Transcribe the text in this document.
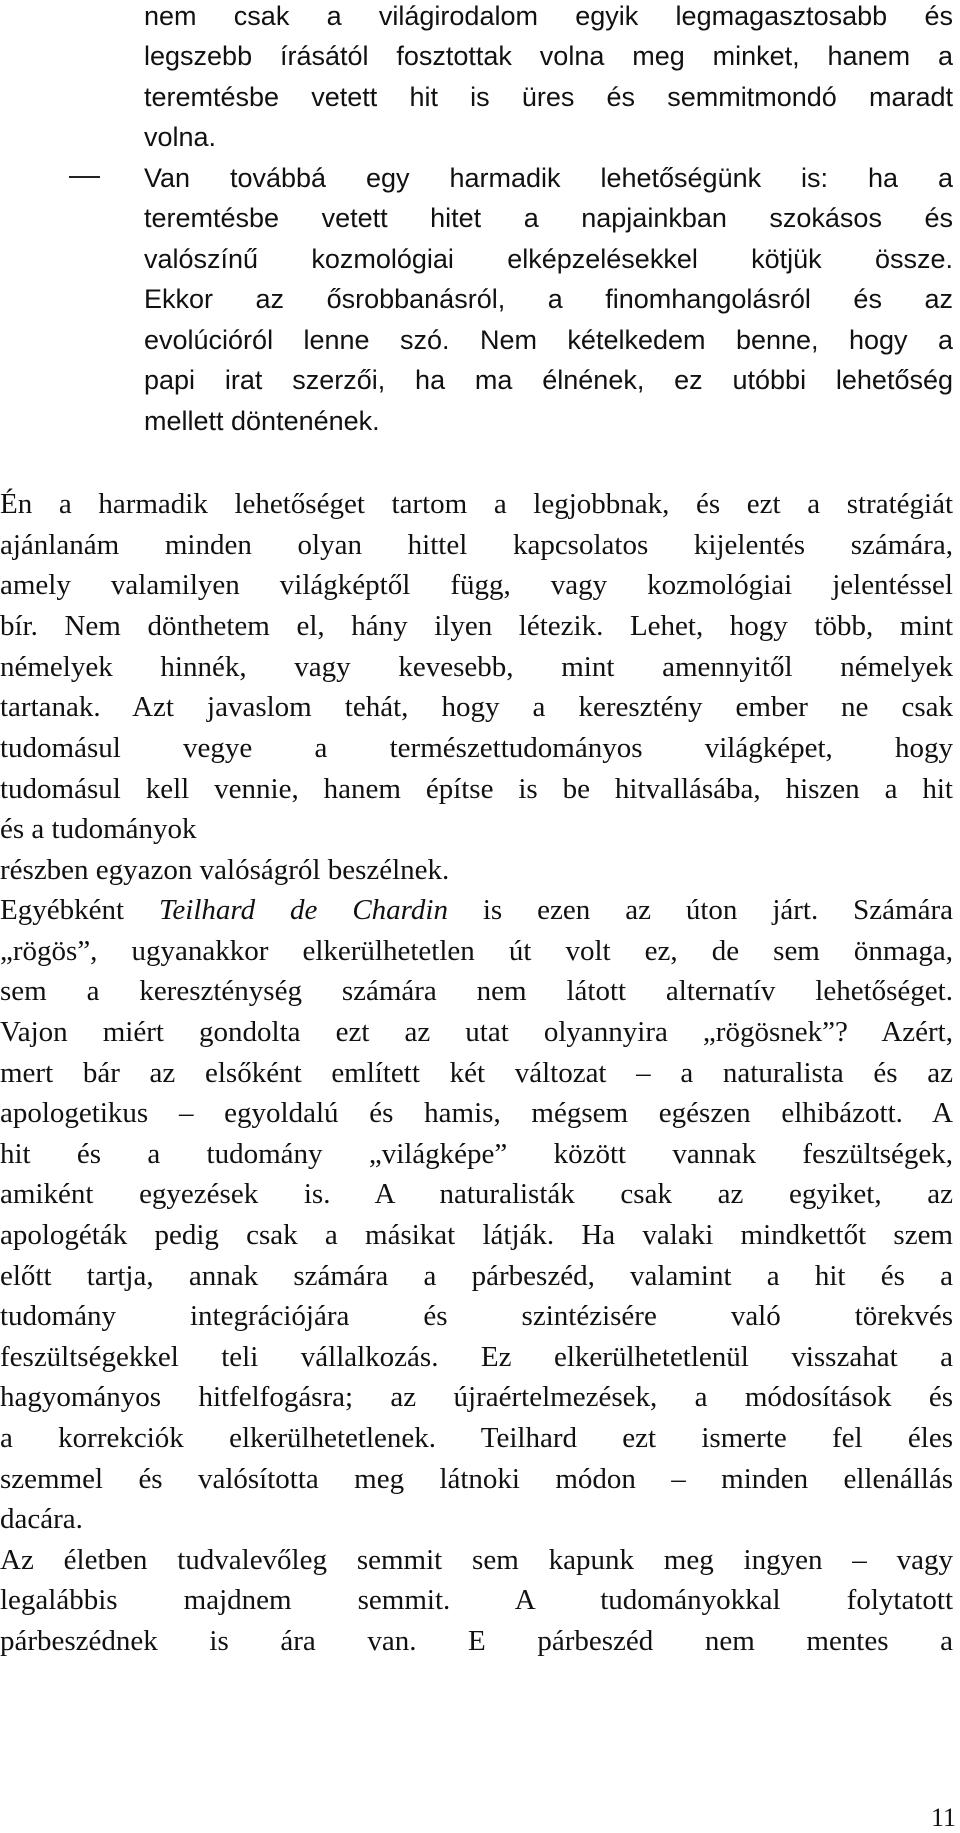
nem csak a világirodalom egyik legmagasztosabb és
legszebb írásától fosztottak volna meg minket, hanem a
teremtésbe vetett hit is üres és semmitmondó maradt
volna.
Van továbbá egy harmadik lehetőségünk is: ha a
teremtésbe vetett hitet a napjainkban szokásos és
valószínű kozmológiai elképzelésekkel kötjük össze.
Ekkor az ősrobbanásról, a finomhangolásról és az
evolúcióról lenne szó. Nem kételkedem benne, hogy a
papi irat szerzői, ha ma élnének, ez utóbbi lehetőség
mellett döntenének.
Én a harmadik lehetőséget tartom a legjobbnak, és ezt a stratégiát
ajánlanám minden olyan hittel kapcsolatos kijelentés számára,
amely valamilyen világképtől függ, vagy kozmológiai jelentéssel
bír. Nem dönthetem el, hány ilyen létezik. Lehet, hogy több, mint
némelyek hinnék, vagy kevesebb, mint amennyitől némelyek
tartanak. Azt javaslom tehát, hogy a keresztény ember ne csak
tudomásul vegye a természettudományos világképet, hogy
tudomásul kell vennie, hanem építse is be hitvallásába, hiszen a hit
és a tudományok
részben egyazon valóságról beszélnek.
Egyébként Teilhard de Chardin is ezen az úton járt. Számára
„rögös”, ugyanakkor elkerülhetetlen út volt ez, de sem önmaga,
sem a kereszténység számára nem látott alternatív lehetőséget.
Vajon miért gondolta ezt az utat olyannyira „rögösnek”? Azért,
mert bár az elsőként említett két változat – a naturalista és az
apologetikus – egyoldalú és hamis, mégsem egészen elhibázott. A
hit és a tudomány „világképe” között vannak feszültségek,
amiként egyezések is. A naturalisták csak az egyiket, az
apologéták pedig csak a másikat látják. Ha valaki mindkettőt szem
előtt tartja, annak számára a párbeszéd, valamint a hit és a
tudomány integrációjára és szintézisére való törekvés
feszültségekkel teli vállalkozás. Ez elkerülhetetlenül visszahat a
hagyományos hitfelfogásra; az újraértelmezések, a módosítások és
a korrekciók elkerülhetetlenek. Teilhard ezt ismerte fel éles
szemmel és valósította meg látnoki módon – minden ellenállás
dacára.
Az életben tudvalevőleg semmit sem kapunk meg ingyen – vagy
legalábbis majdnem semmit. A tudományokkal folytatott
párbeszédnek is ára van. E párbeszéd nem mentes a
11
